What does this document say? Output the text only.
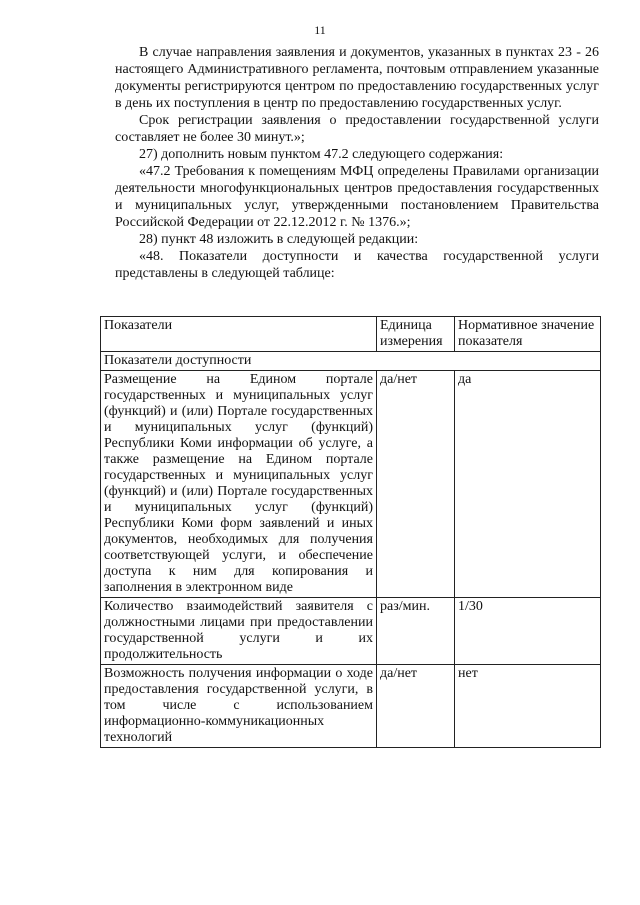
11

В случае направления заявления и документов, указанных в пунктах 23 - 26 настоящего Административного регламента, почтовым отправлением указанные документы регистрируются центром по предоставлению государственных услуг в день их поступления в центр по предоставлению государственных услуг.

Срок регистрации заявления о предоставлении государственной услуги составляет не более 30 минут.»;

27) дополнить новым пунктом 47.2 следующего содержания:

«47.2 Требования к помещениям МФЦ определены Правилами организации деятельности многофункциональных центров предоставления государственных и муниципальных услуг, утвержденными постановлением Правительства Российской Федерации от 22.12.2012 г. № 1376.»;

28) пункт 48 изложить в следующей редакции:

«48. Показатели доступности и качества государственной услуги представлены в следующей таблице:

Показатели	Единица измерения	Нормативное значение показателя
Показатели доступности		
Размещение на Едином портале государственных и муниципальных услуг (функций) и (или) Портале государственных и муниципальных услуг (функций) Республики Коми информации об услуге, а также размещение на Едином портале государственных и муниципальных услуг (функций) и (или) Портале государственных и муниципальных услуг (функций) Республики Коми форм заявлений и иных документов, необходимых для получения соответствующей услуги, и обеспечение доступа к ним для копирования и заполнения в электронном виде	да/нет	да
Количество взаимодействий заявителя с должностными лицами при предоставлении государственной услуги и их продолжительность	раз/мин.	1/30
Возможность получения информации о ходе предоставления государственной услуги, в том числе с использованием информационно-коммуникационных технологий	да/нет	нет
